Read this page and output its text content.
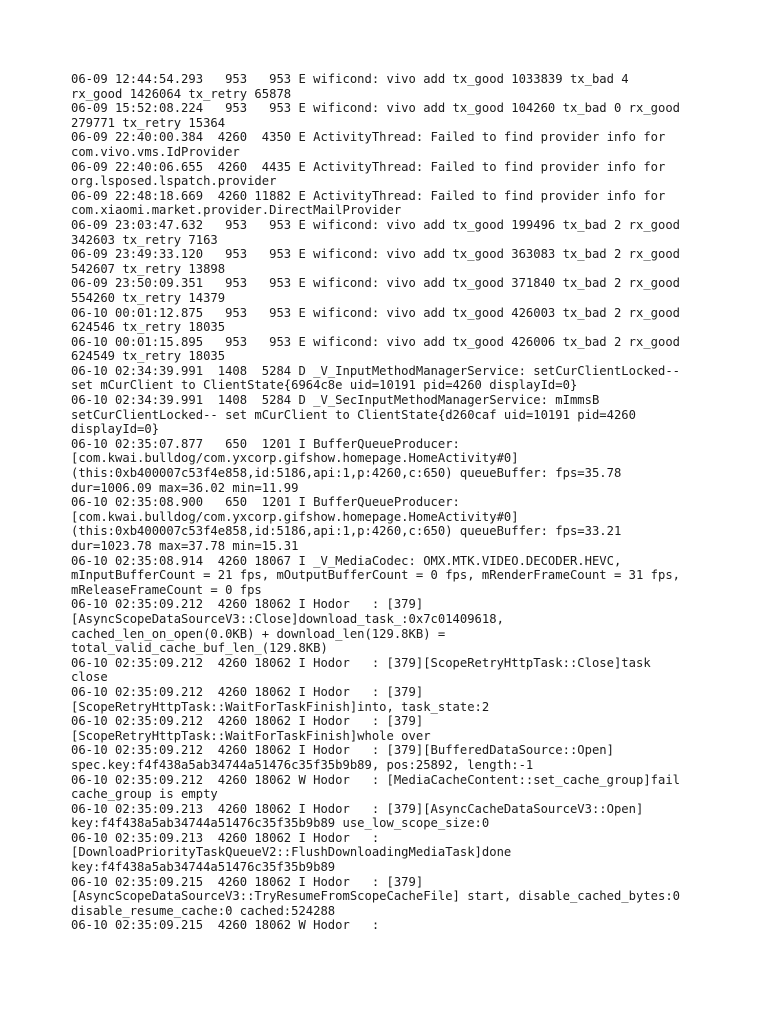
06-09 12:44:54.293   953   953 E wificond: vivo add tx_good 1033839 tx_bad 4

rx_good 1426064 tx_retry 65878

06-09 15:52:08.224   953   953 E wificond: vivo add tx_good 104260 tx_bad 0 rx_good

279771 tx_retry 15364

06-09 22:40:00.384  4260  4350 E ActivityThread: Failed to find provider info for

com.vivo.vms.IdProvider

06-09 22:40:06.655  4260  4435 E ActivityThread: Failed to find provider info for

org.lsposed.lspatch.provider

06-09 22:48:18.669  4260 11882 E ActivityThread: Failed to find provider info for

com.xiaomi.market.provider.DirectMailProvider

06-09 23:03:47.632   953   953 E wificond: vivo add tx_good 199496 tx_bad 2 rx_good

342603 tx_retry 7163

06-09 23:49:33.120   953   953 E wificond: vivo add tx_good 363083 tx_bad 2 rx_good

542607 tx_retry 13898

06-09 23:50:09.351   953   953 E wificond: vivo add tx_good 371840 tx_bad 2 rx_good

554260 tx_retry 14379

06-10 00:01:12.875   953   953 E wificond: vivo add tx_good 426003 tx_bad 2 rx_good

624546 tx_retry 18035

06-10 00:01:15.895   953   953 E wificond: vivo add tx_good 426006 tx_bad 2 rx_good

624549 tx_retry 18035

06-10 02:34:39.991  1408  5284 D _V_InputMethodManagerService: setCurClientLocked--

set mCurClient to ClientState{6964c8e uid=10191 pid=4260 displayId=0}

06-10 02:34:39.991  1408  5284 D _V_SecInputMethodManagerService: mImmsB

setCurClientLocked-- set mCurClient to ClientState{d260caf uid=10191 pid=4260

displayId=0}

06-10 02:35:07.877   650  1201 I BufferQueueProducer:

[com.kwai.bulldog/com.yxcorp.gifshow.homepage.HomeActivity#0]

(this:0xb400007c53f4e858,id:5186,api:1,p:4260,c:650) queueBuffer: fps=35.78

dur=1006.09 max=36.02 min=11.99

06-10 02:35:08.900   650  1201 I BufferQueueProducer:

[com.kwai.bulldog/com.yxcorp.gifshow.homepage.HomeActivity#0]

(this:0xb400007c53f4e858,id:5186,api:1,p:4260,c:650) queueBuffer: fps=33.21

dur=1023.78 max=37.78 min=15.31

06-10 02:35:08.914  4260 18067 I _V_MediaCodec: OMX.MTK.VIDEO.DECODER.HEVC,

mInputBufferCount = 21 fps, mOutputBufferCount = 0 fps, mRenderFrameCount = 31 fps,

mReleaseFrameCount = 0 fps

06-10 02:35:09.212  4260 18062 I Hodor   : [379]

[AsyncScopeDataSourceV3::Close]download_task_:0x7c01409618,

cached_len_on_open(0.0KB) + download_len(129.8KB) =

total_valid_cache_buf_len_(129.8KB)

06-10 02:35:09.212  4260 18062 I Hodor   : [379][ScopeRetryHttpTask::Close]task

close

06-10 02:35:09.212  4260 18062 I Hodor   : [379]

[ScopeRetryHttpTask::WaitForTaskFinish]into, task_state:2

06-10 02:35:09.212  4260 18062 I Hodor   : [379]

[ScopeRetryHttpTask::WaitForTaskFinish]whole over

06-10 02:35:09.212  4260 18062 I Hodor   : [379][BufferedDataSource::Open]

spec.key:f4f438a5ab34744a51476c35f35b9b89, pos:25892, length:-1

06-10 02:35:09.212  4260 18062 W Hodor   : [MediaCacheContent::set_cache_group]fail

cache_group is empty

06-10 02:35:09.213  4260 18062 I Hodor   : [379][AsyncCacheDataSourceV3::Open]

key:f4f438a5ab34744a51476c35f35b9b89 use_low_scope_size:0

06-10 02:35:09.213  4260 18062 I Hodor   :

[DownloadPriorityTaskQueueV2::FlushDownloadingMediaTask]done

key:f4f438a5ab34744a51476c35f35b9b89

06-10 02:35:09.215  4260 18062 I Hodor   : [379]

[AsyncScopeDataSourceV3::TryResumeFromScopeCacheFile] start, disable_cached_bytes:0

disable_resume_cache:0 cached:524288

06-10 02:35:09.215  4260 18062 W Hodor   :
